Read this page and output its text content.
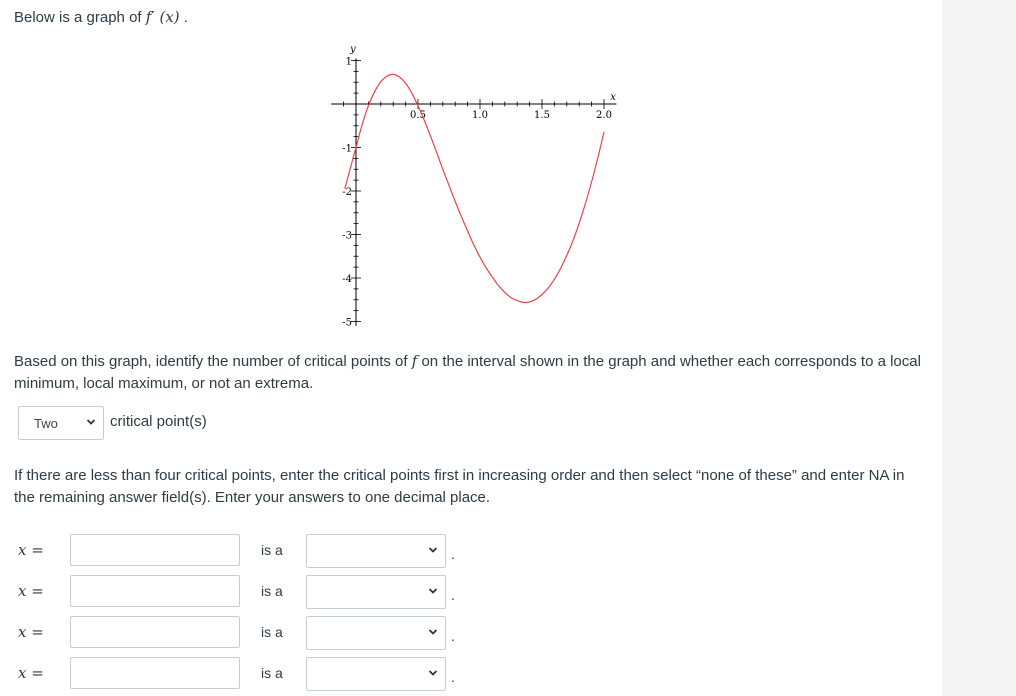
Below is a graph of f′ (x) .
0.5	1.0	1.5	2.0
1
-1
-2
-3
-4
-5
x
y
Based on this graph, identify the number of critical points of f on the interval shown in the graph and whether each corresponds to a local minimum, local maximum, or not an extrema.
Two	critical point(s)
If there are less than four critical points, enter the critical points first in increasing order and then select “none of these” and enter NA in the remaining answer field(s). Enter your answers to one decimal place.
x =	is a	.
x =	is a	.
x =	is a	.
x =	is a	.
